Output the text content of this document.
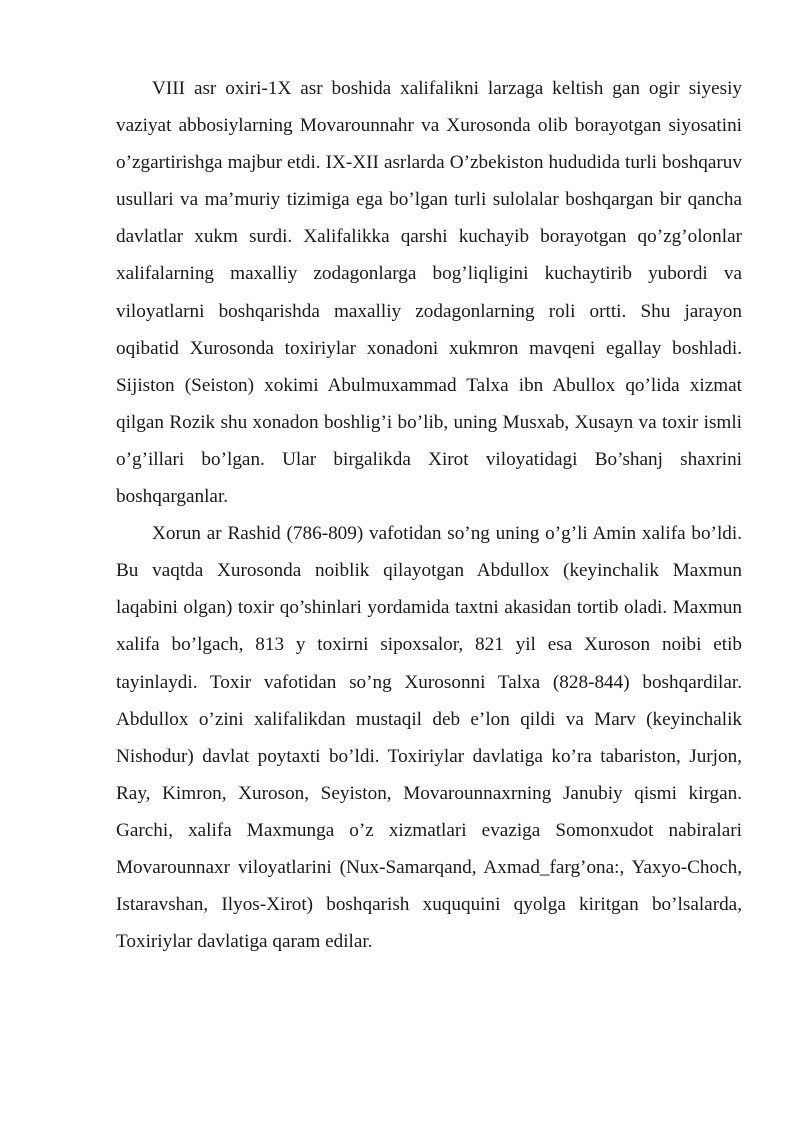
VIII asr oxiri-1X asr boshida xalifalikni larzaga keltish gan ogir siyesiy vaziyat abbosiylarning Movarounnahr va Xurosonda olib borayotgan siyosatini o’zgartirishga majbur etdi. IX-XII asrlarda O’zbekiston hududida turli boshqaruv usullari va ma’muriy tizimiga ega bo’lgan turli sulolalar boshqargan bir qancha davlatlar xukm surdi. Xalifalikka qarshi kuchayib borayotgan qo’zg’olonlar xalifalarning maxalliy zodagonlarga bog’liqligini kuchaytirib yubordi va viloyatlarni boshqarishda maxalliy zodagonlarning roli ortti. Shu jarayon oqibatid Xurosonda toxiriylar xonadoni xukmron mavqeni egallay boshladi. Sijiston (Seiston) xokimi Abulmuxammad Talxa ibn Abullox qo’lida xizmat qilgan Rozik shu xonadon boshlig’i bo’lib, uning Musxab, Xusayn va toxir ismli o’g’illari bo’lgan. Ular birgalikda Xirot viloyatidagi Bo’shanj shaxrini boshqarganlar.

Xorun ar Rashid (786-809) vafotidan so’ng uning o’g’li Amin xalifa bo’ldi. Bu vaqtda Xurosonda noiblik qilayotgan Abdullox (keyinchalik Maxmun laqabini olgan) toxir qo’shinlari yordamida taxtni akasidan tortib oladi. Maxmun xalifa bo’lgach, 813 y toxirni sipoxsalor, 821 yil esa Xuroson noibi etib tayinlaydi. Toxir vafotidan so’ng Xurosonni Talxa (828-844) boshqardilar. Abdullox o’zini xalifalikdan mustaqil deb e’lon qildi va Marv (keyinchalik Nishodur) davlat poytaxti bo’ldi. Toxiriylar davlatiga ko’ra tabariston, Jurjon, Ray, Kimron, Xuroson, Seyiston, Movarounnaxrning Janubiy qismi kirgan. Garchi, xalifa Maxmunga o’z xizmatlari evaziga Somonxudot nabiralari Movarounnaxr viloyatlarini (Nux-Samarqand, Axmad_farg’ona:, Yaxyo-Choch, Istaravshan, Ilyos-Xirot) boshqarish xuququini qyolga kiritgan bo’lsalarda, Toxiriylar davlatiga qaram edilar.
